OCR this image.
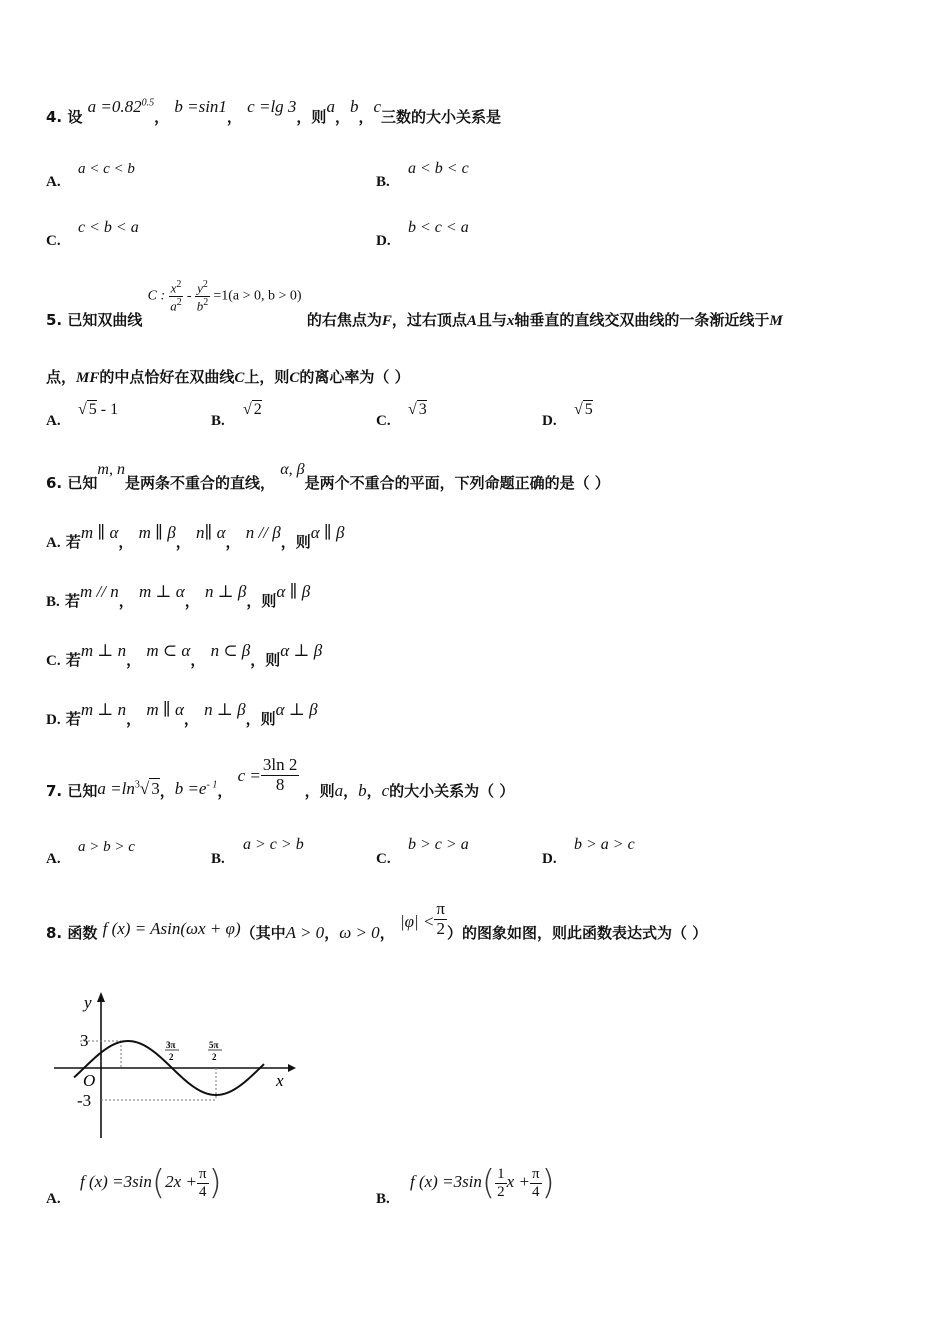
4. 设 $a =0.82^{0.5}$， b =sin1， c =lg 3，则a，b，c三数的大小关系是
A.
a < c < b
B.
a < b < c
C.
c < b < a
D.
b < c < a
5. 已知双曲线 C : $\frac{x^2}{a^2} - \frac{y^2}{b^2} =1(a > 0$, b > 0) 的右焦点为F，过右顶点A且与x轴垂直的直线交双曲线的一条渐近线于M
点，MF的中点恰好在双曲线C上，则C的离心率为（ ）
A.
√ 5 - 1
B.
√ 2
C.
√ 3
D.
√ 5
6. 已知m, n是两条不重合的直线， α, β是两个不重合的平面，下列命题正确的是（ ）
A. 若m ∥ α， m ∥ β， n∥ α， n // β，则α ∥ β
B. 若m // n， m ⊥ α， n ⊥ β，则α ∥ β
C. 若m ⊥ n， m ⊂ α， n ⊂ β，则α ⊥ β
D. 若m ⊥ n， m ∥ α， n ⊥ β，则α ⊥ β
7. 已知$a =\ln^3√$ 3，$b =e^{- 1}$， $c = \frac{3\ln 2}{8}$ ，则a，b，c的大小关系为（ ）
A.
a > b > c
B.
a > c > b
C.
b > c > a
D.
b > a > c
8. 函数 f (x) = Asin(ωx + φ)（其中A > 0，ω > 0， $|\varphi| < \frac{\pi}{2}$ ）的图象如图，则此函数表达式为（ ）
y
x
O
3
-3
3π
2
5π
2
A.
f $(x) =3\sin(2x + \frac{\pi}{4}$ )	B.
f $(x) =3\sin( \frac{1}{2}$ $x + \frac{\pi}{4}$ )
